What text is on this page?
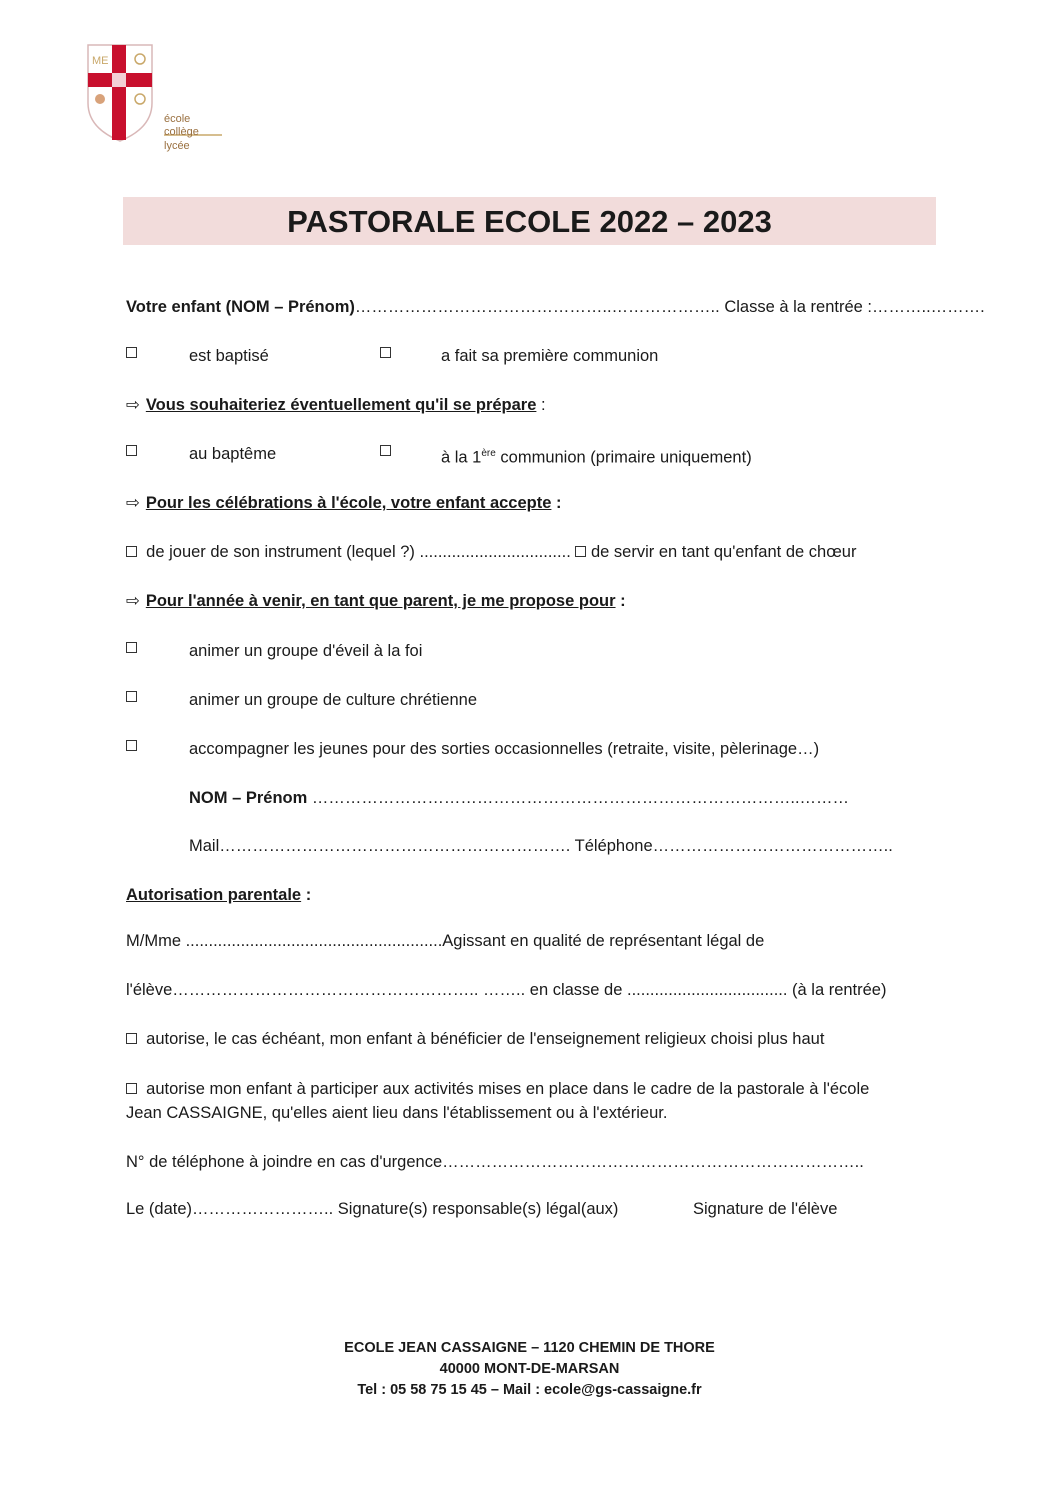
ME
école
collège
lycée
PASTORALE ECOLE 2022 – 2023
Votre enfant (NOM – Prénom)………………………………………..……………….. Classe à la rentrée :………..……….
est baptisé	a fait sa première communion
⇨ Vous souhaiteriez éventuellement qu'il se prépare :
au baptême	à la 1ère communion (primaire uniquement)
⇨ Pour les célébrations à l'école, votre enfant accepte :
de jouer de son instrument (lequel ?) ................................. de servir en tant qu'enfant de chœur
⇨ Pour l'année à venir, en tant que parent, je me propose pour :
animer un groupe d'éveil à la foi
animer un groupe de culture chrétienne
accompagner les jeunes pour des sorties occasionnelles (retraite, visite, pèlerinage…)
NOM – Prénom ……………………………………………………………………………..………
Mail………………………………………………………. Téléphone……………………………………..
Autorisation parentale :
M/Mme ........................................................Agissant en qualité de représentant légal de
l'élève……………………………………………….. …….. en classe de ................................... (à la rentrée)
autorise, le cas échéant, mon enfant à bénéficier de l'enseignement religieux choisi plus haut
autorise mon enfant à participer aux activités mises en place dans le cadre de la pastorale à l'école
Jean CASSAIGNE, qu'elles aient lieu dans l'établissement ou à l'extérieur.
N° de téléphone à joindre en cas d'urgence…………………………………………………………………..
Le (date)…………………….. Signature(s) responsable(s) légal(aux)	Signature de l'élève
ECOLE JEAN CASSAIGNE – 1120 CHEMIN DE THORE
40000 MONT-DE-MARSAN
Tel : 05 58 75 15 45 – Mail : ecole@gs-cassaigne.fr
